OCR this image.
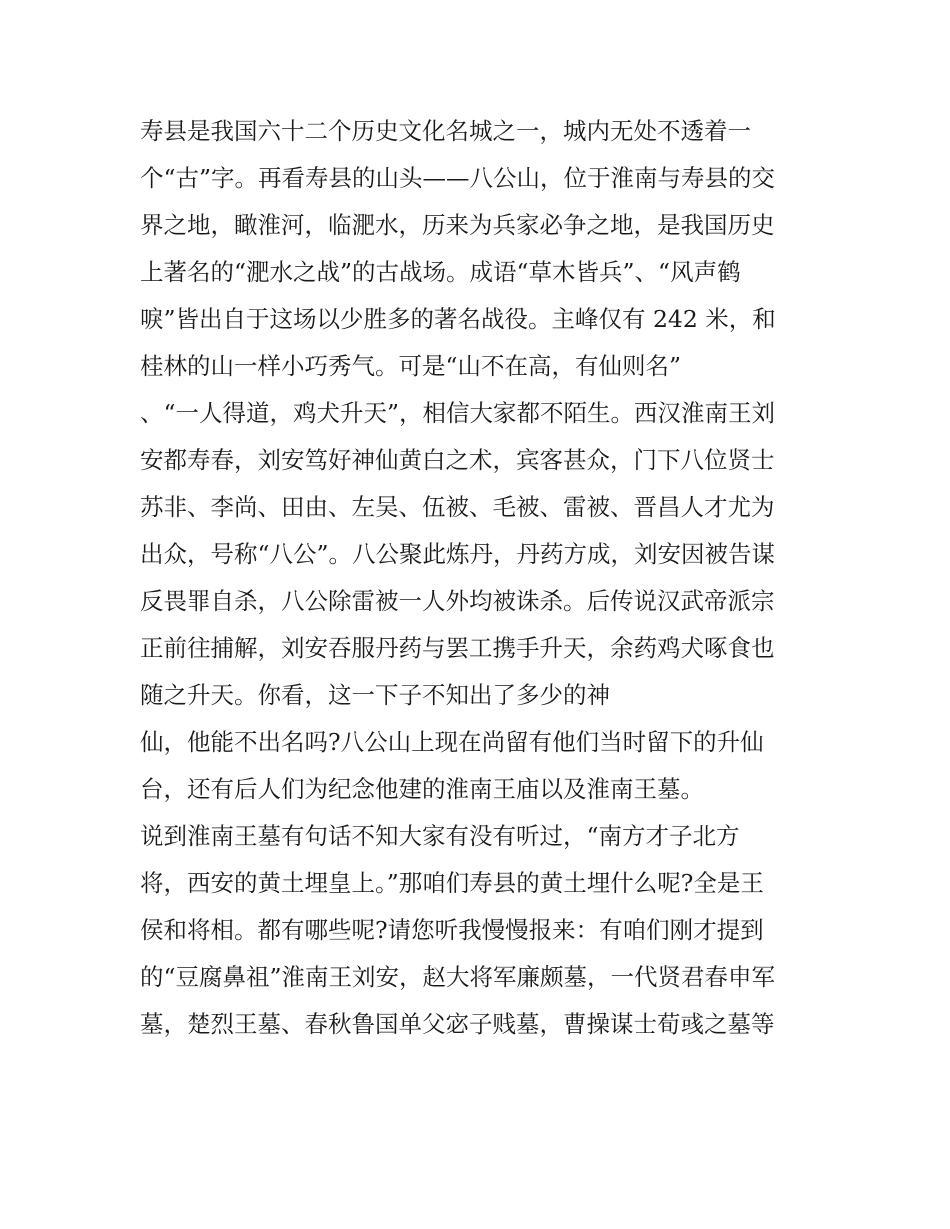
寿县是我国六十二个历史文化名城之一，城内无处不透着一
个“古”字。再看寿县的山头——八公山，位于淮南与寿县的交
界之地，瞰淮河，临淝水，历来为兵家必争之地，是我国历史
上著名的“淝水之战”的古战场。成语“草木皆兵”、“风声鹤
唳”皆出自于这场以少胜多的著名战役。主峰仅有 242 米，和
桂林的山一样小巧秀气。可是“山不在高，有仙则名”
、“一人得道，鸡犬升天”，相信大家都不陌生。西汉淮南王刘
安都寿春，刘安笃好神仙黄白之术，宾客甚众，门下八位贤士
苏非、李尚、田由、左吴、伍被、毛被、雷被、晋昌人才尤为
出众，号称“八公”。八公聚此炼丹，丹药方成，刘安因被告谋
反畏罪自杀，八公除雷被一人外均被诛杀。后传说汉武帝派宗
正前往捕解，刘安吞服丹药与罢工携手升天，余药鸡犬啄食也
随之升天。你看，这一下子不知出了多少的神
仙，他能不出名吗?八公山上现在尚留有他们当时留下的升仙
台，还有后人们为纪念他建的淮南王庙以及淮南王墓。
说到淮南王墓有句话不知大家有没有听过，“南方才子北方
将，西安的黄土埋皇上。”那咱们寿县的黄土埋什么呢?全是王
侯和将相。都有哪些呢?请您听我慢慢报来：有咱们刚才提到
的“豆腐鼻祖”淮南王刘安，赵大将军廉颇墓，一代贤君春申军
墓，楚烈王墓、春秋鲁国单父宓子贱墓，曹操谋士荀彧之墓等
